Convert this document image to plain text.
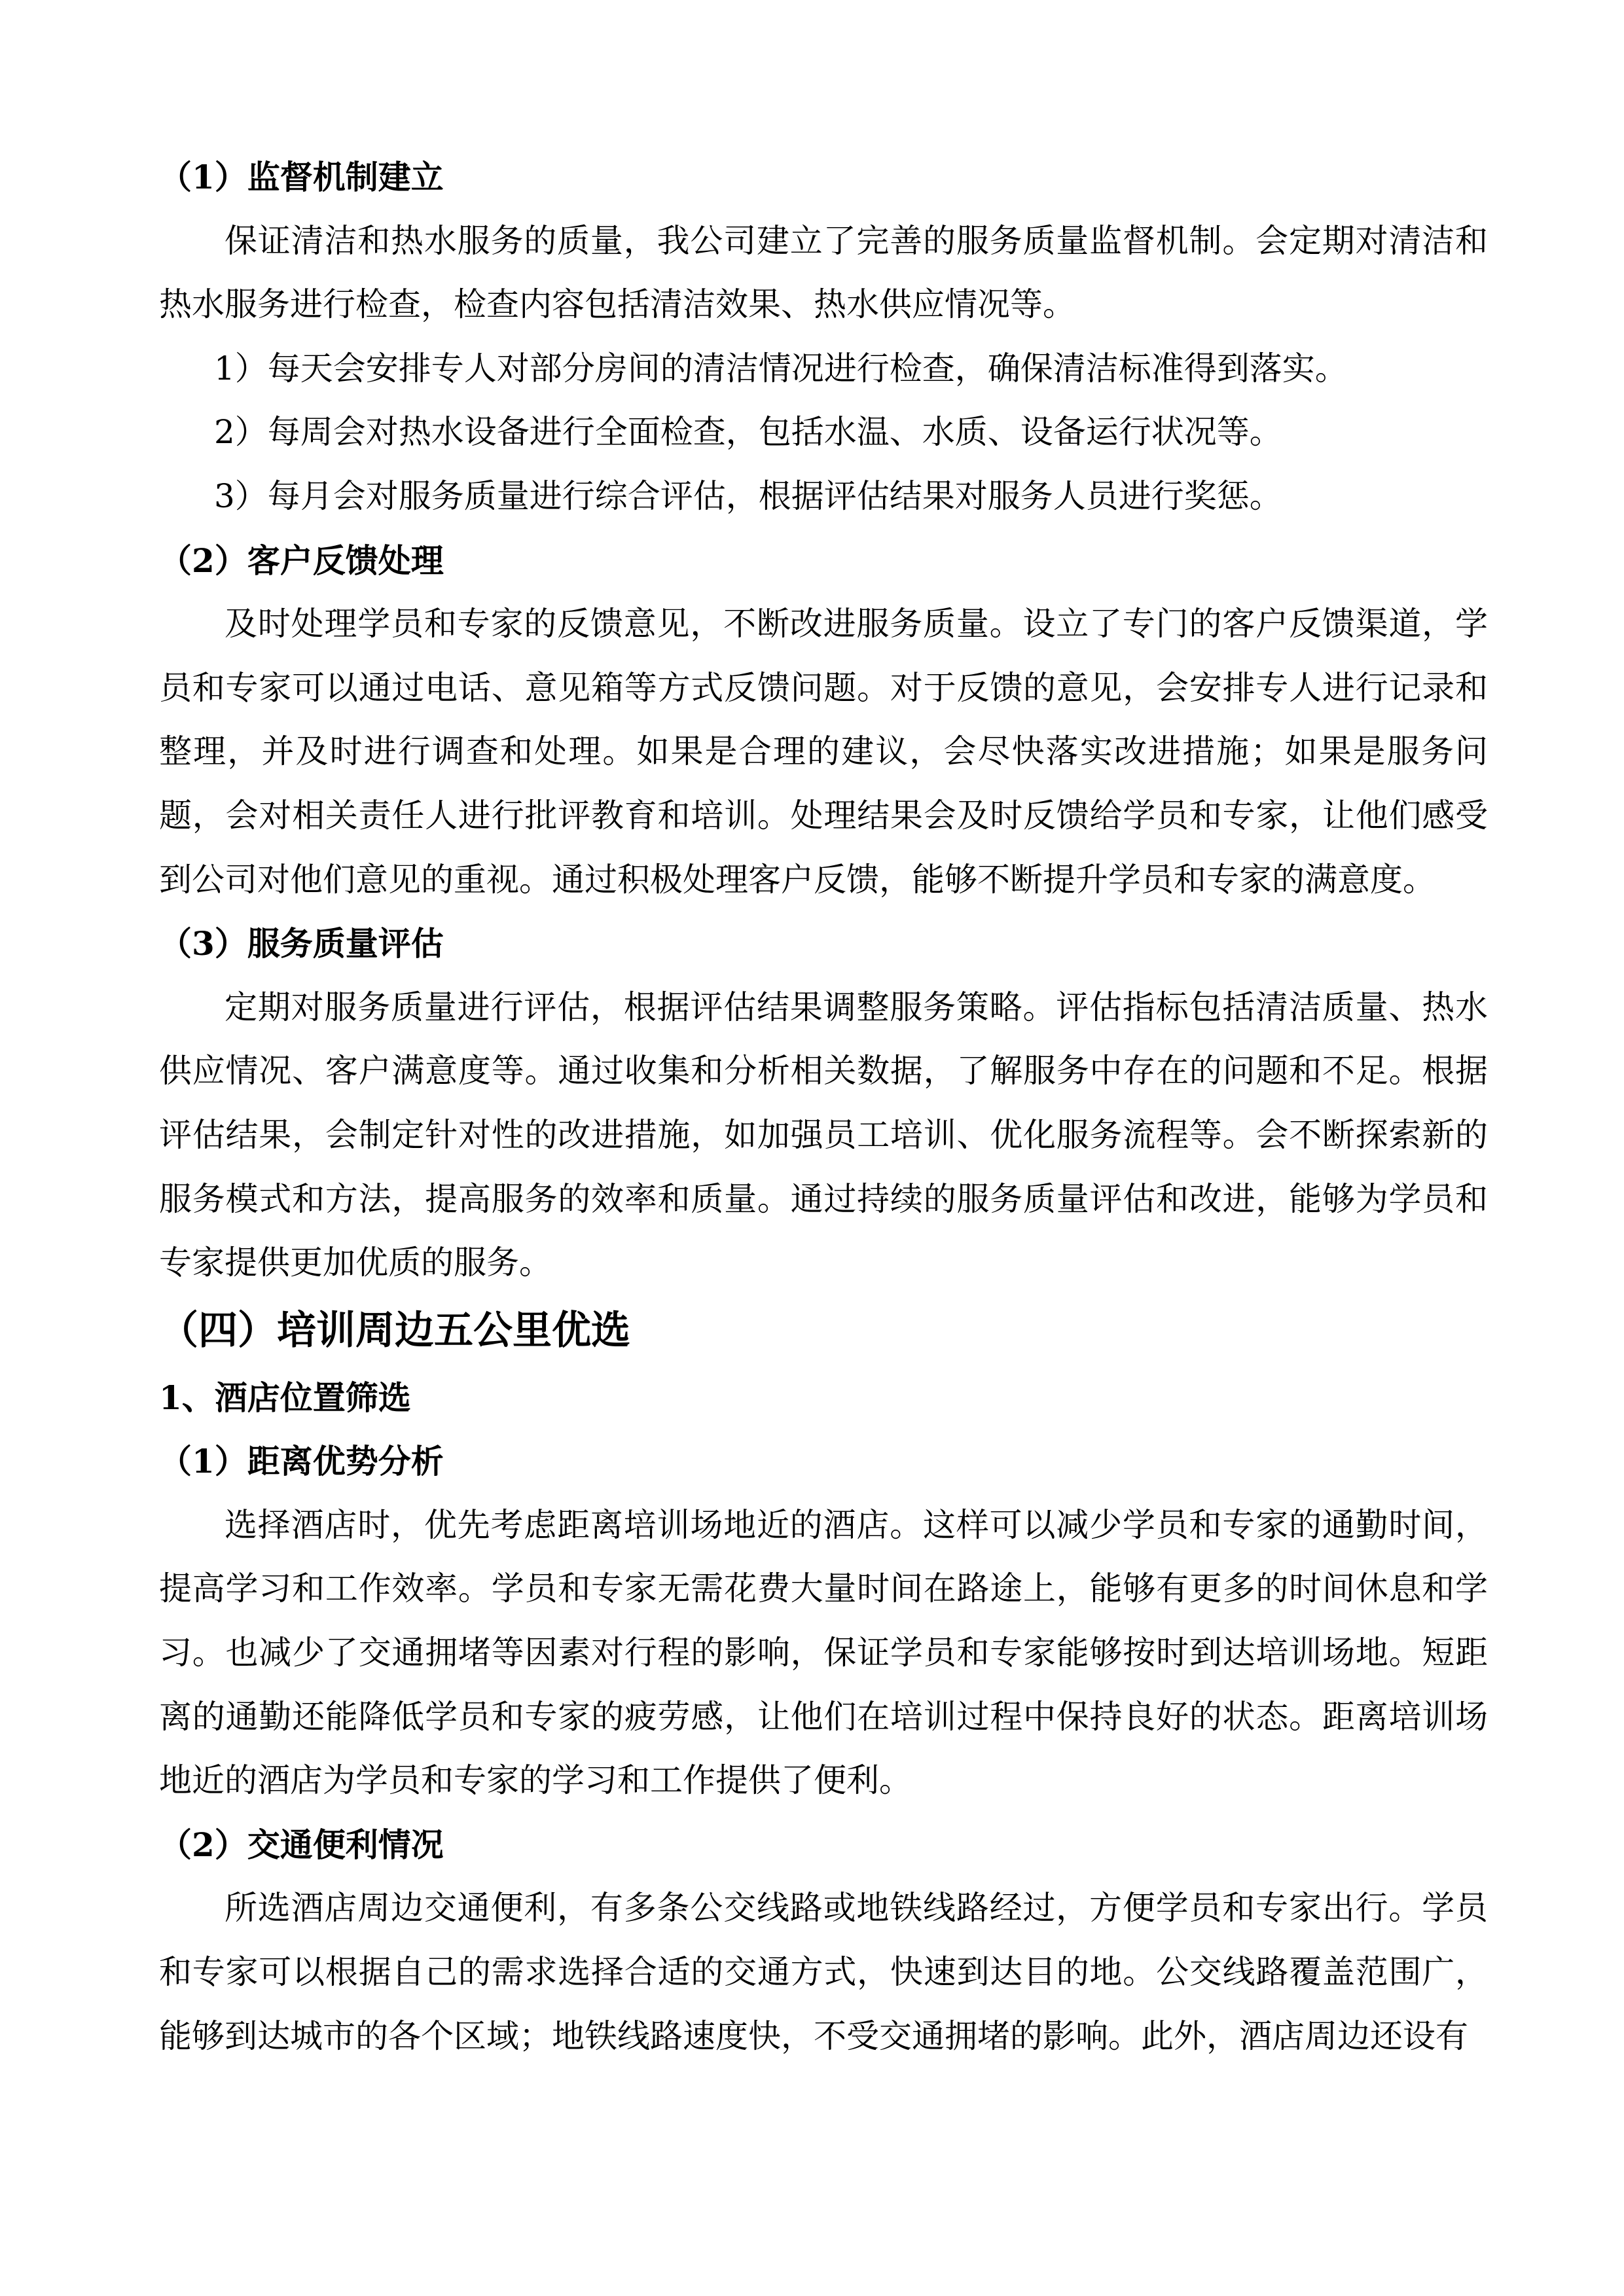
（1）监督机制建立
保证清洁和热水服务的质量，我公司建立了完善的服务质量监督机制。会定期对清洁和
热水服务进行检查，检查内容包括清洁效果、热水供应情况等。
1）每天会安排专人对部分房间的清洁情况进行检查，确保清洁标准得到落实。
2）每周会对热水设备进行全面检查，包括水温、水质、设备运行状况等。
3）每月会对服务质量进行综合评估，根据评估结果对服务人员进行奖惩。
（2）客户反馈处理
及时处理学员和专家的反馈意见，不断改进服务质量。设立了专门的客户反馈渠道，学
员和专家可以通过电话、意见箱等方式反馈问题。对于反馈的意见，会安排专人进行记录和
整理，并及时进行调查和处理。如果是合理的建议，会尽快落实改进措施；如果是服务问
题，会对相关责任人进行批评教育和培训。处理结果会及时反馈给学员和专家，让他们感受
到公司对他们意见的重视。通过积极处理客户反馈，能够不断提升学员和专家的满意度。
（3）服务质量评估
定期对服务质量进行评估，根据评估结果调整服务策略。评估指标包括清洁质量、热水
供应情况、客户满意度等。通过收集和分析相关数据，了解服务中存在的问题和不足。根据
评估结果，会制定针对性的改进措施，如加强员工培训、优化服务流程等。会不断探索新的
服务模式和方法，提高服务的效率和质量。通过持续的服务质量评估和改进，能够为学员和
专家提供更加优质的服务。
（四）培训周边五公里优选
1、酒店位置筛选
（1）距离优势分析
选择酒店时，优先考虑距离培训场地近的酒店。这样可以减少学员和专家的通勤时间，
提高学习和工作效率。学员和专家无需花费大量时间在路途上，能够有更多的时间休息和学
习。也减少了交通拥堵等因素对行程的影响，保证学员和专家能够按时到达培训场地。短距
离的通勤还能降低学员和专家的疲劳感，让他们在培训过程中保持良好的状态。距离培训场
地近的酒店为学员和专家的学习和工作提供了便利。
（2）交通便利情况
所选酒店周边交通便利，有多条公交线路或地铁线路经过，方便学员和专家出行。学员
和专家可以根据自己的需求选择合适的交通方式，快速到达目的地。公交线路覆盖范围广，
能够到达城市的各个区域；地铁线路速度快，不受交通拥堵的影响。此外，酒店周边还设有
